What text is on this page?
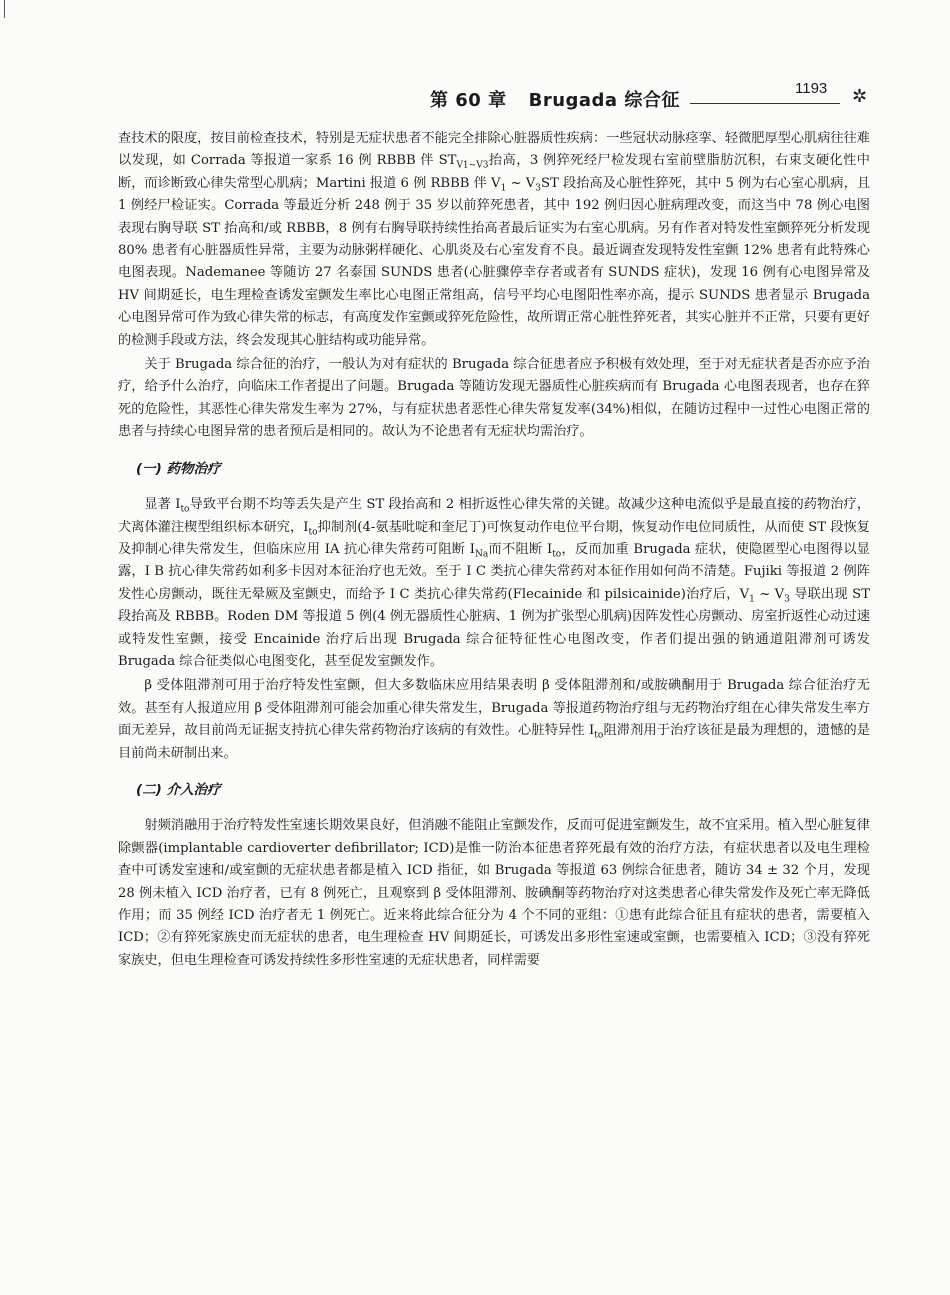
第 60 章 Brugada 综合征
1193 ✲

查技术的限度，按目前检查技术，特别是无症状患者不能完全排除心脏器质性疾病：一些冠状动脉痉挛、轻微肥厚型心肌病往往难以发现，如 Corrada 等报道一家系 16 例 RBBB 伴 $ST_{V1\sim V3}$抬高，3 例猝死经尸检发现右室前壁脂肪沉积，右束支硬化性中断，而诊断致心律失常型心肌病；Martini 报道 6 例 RBBB 伴 $V_1$ ~ $V_3ST$ 段抬高及心脏性猝死，其中 5 例为右心室心肌病，且 1 例经尸检证实。Corrada 等最近分析 248 例于 35 岁以前猝死患者，其中 192 例归因心脏病理改变，而这当中 78 例心电图表现右胸导联 ST 抬高和/或 RBBB，8 例有右胸导联持续性抬高者最后证实为右室心肌病。另有作者对特发性室颤猝死分析发现 80% 患者有心脏器质性异常，主要为动脉粥样硬化、心肌炎及右心室发育不良。最近调查发现特发性室颤 12% 患者有此特殊心电图表现。Nademanee 等随访 27 名泰国 SUNDS 患者(心脏骤停幸存者或者有 SUNDS 症状)，发现 16 例有心电图异常及 HV 间期延长，电生理检查诱发室颤发生率比心电图正常组高，信号平均心电图阳性率亦高，提示 SUNDS 患者显示 Brugada 心电图异常可作为致心律失常的标志，有高度发作室颤或猝死危险性，故所谓正常心脏性猝死者，其实心脏并不正常，只要有更好的检测手段或方法，终会发现其心脏结构或功能异常。

关于 Brugada 综合征的治疗，一般认为对有症状的 Brugada 综合征患者应予积极有效处理，至于对无症状者是否亦应予治疗，给予什么治疗，向临床工作者提出了问题。Brugada 等随访发现无器质性心脏疾病而有 Brugada 心电图表现者，也存在猝死的危险性，其恶性心律失常发生率为 27%，与有症状患者恶性心律失常复发率(34%)相似，在随访过程中一过性心电图正常的患者与持续心电图异常的患者预后是相同的。故认为不论患者有无症状均需治疗。

(一) 药物治疗

显著 $I_{to}$导致平台期不均等丢失是产生 ST 段抬高和 2 相折返性心律失常的关键。故减少这种电流似乎是最直接的药物治疗，犬离体灌注楔型组织标本研究，$I_{to}$抑制剂(4-氨基吡啶和奎尼丁)可恢复动作电位平台期，恢复动作电位同质性，从而使 ST 段恢复及抑制心律失常发生，但临床应用 IA 抗心律失常药可阻断 $I_{Na}$而不阻断 $I_{to}$，反而加重 Brugada 症状，使隐匿型心电图得以显露，I B 抗心律失常药如利多卡因对本征治疗也无效。至于 I C 类抗心律失常药对本征作用如何尚不清楚。Fujiki 等报道 2 例阵发性心房颤动，既往无晕厥及室颤史，而给予 I C 类抗心律失常药(Flecainide 和 pilsicainide)治疗后，$V_1$ ~ $V_3$ 导联出现 ST 段抬高及 RBBB。Roden DM 等报道 5 例(4 例无器质性心脏病、1 例为扩张型心肌病)因阵发性心房颤动、房室折返性心动过速或特发性室颤，接受 Encainide 治疗后出现 Brugada 综合征特征性心电图改变，作者们提出强的钠通道阻滞剂可诱发 Brugada 综合征类似心电图变化，甚至促发室颤发作。

β 受体阻滞剂可用于治疗特发性室颤，但大多数临床应用结果表明 β 受体阻滞剂和/或胺碘酮用于 Brugada 综合征治疗无效。甚至有人报道应用 β 受体阻滞剂可能会加重心律失常发生，Brugada 等报道药物治疗组与无药物治疗组在心律失常发生率方面无差异，故目前尚无证据支持抗心律失常药物治疗该病的有效性。心脏特异性 $I_{to}$阻滞剂用于治疗该征是最为理想的，遗憾的是目前尚未研制出来。

(二) 介入治疗

射频消融用于治疗特发性室速长期效果良好，但消融不能阻止室颤发作，反而可促进室颤发生，故不宜采用。植入型心脏复律除颤器(implantable cardioverter defibrillator; ICD)是惟一防治本征患者猝死最有效的治疗方法，有症状患者以及电生理检查中可诱发室速和/或室颤的无症状患者都是植入 ICD 指征，如 Brugada 等报道 63 例综合征患者，随访 34 ± 32 个月，发现 28 例未植入 ICD 治疗者，已有 8 例死亡，且观察到 β 受体阻滞剂、胺碘酮等药物治疗对这类患者心律失常发作及死亡率无降低作用；而 35 例经 ICD 治疗者无 1 例死亡。近来将此综合征分为 4 个不同的亚组：①患有此综合征且有症状的患者，需要植入 ICD；②有猝死家族史而无症状的患者，电生理检查 HV 间期延长，可诱发出多形性室速或室颤，也需要植入 ICD；③没有猝死家族史，但电生理检查可诱发持续性多形性室速的无症状患者，同样需要
